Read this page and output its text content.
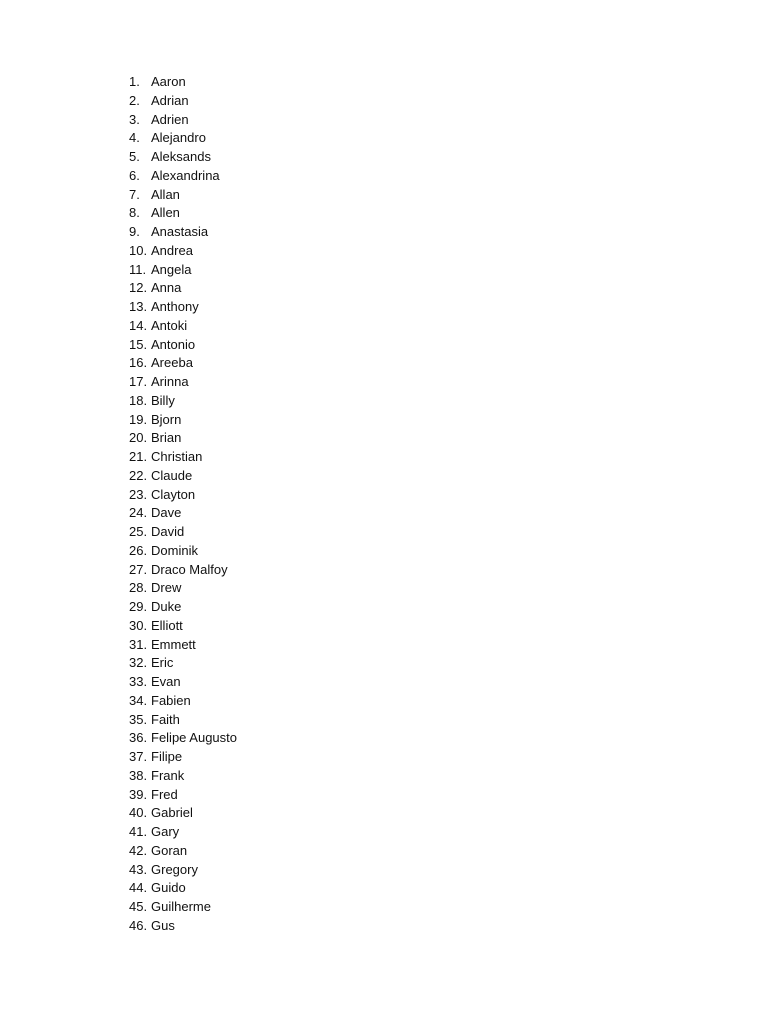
1. Aaron
2. Adrian
3. Adrien
4. Alejandro
5. Aleksands
6. Alexandrina
7. Allan
8. Allen
9. Anastasia
10. Andrea
11. Angela
12. Anna
13. Anthony
14. Antoki
15. Antonio
16. Areeba
17. Arinna
18. Billy
19. Bjorn
20. Brian
21. Christian
22. Claude
23. Clayton
24. Dave
25. David
26. Dominik
27. Draco Malfoy
28. Drew
29. Duke
30. Elliott
31. Emmett
32. Eric
33. Evan
34. Fabien
35. Faith
36. Felipe Augusto
37. Filipe
38. Frank
39. Fred
40. Gabriel
41. Gary
42. Goran
43. Gregory
44. Guido
45. Guilherme
46. Gus
